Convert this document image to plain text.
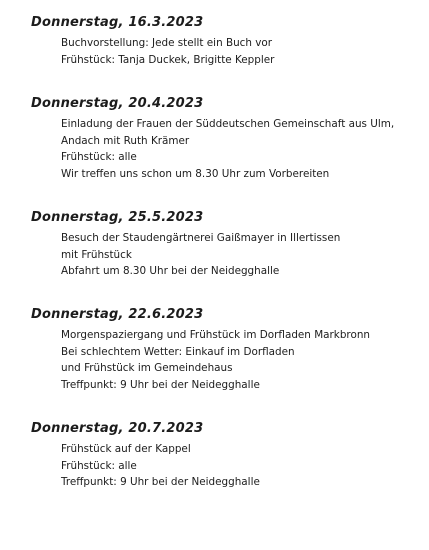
Donnerstag, 16.3.2023
Buchvorstellung: Jede stellt ein Buch vor
Frühstück: Tanja Duckek, Brigitte Keppler
Donnerstag, 20.4.2023
Einladung der Frauen der Süddeutschen Gemeinschaft aus Ulm,
Andach mit Ruth Krämer
Frühstück: alle
Wir treffen uns schon um 8.30 Uhr zum Vorbereiten
Donnerstag, 25.5.2023
Besuch der Staudengärtnerei Gaißmayer in Illertissen
mit Frühstück
Abfahrt um 8.30 Uhr bei der Neidegghalle
Donnerstag, 22.6.2023
Morgenspaziergang und Frühstück im Dorfladen Markbronn
Bei schlechtem Wetter: Einkauf im Dorfladen
und Frühstück im Gemeindehaus
Treffpunkt: 9 Uhr bei der Neidegghalle
Donnerstag, 20.7.2023
Frühstück auf der Kappel
Frühstück: alle
Treffpunkt: 9 Uhr bei der Neidegghalle
